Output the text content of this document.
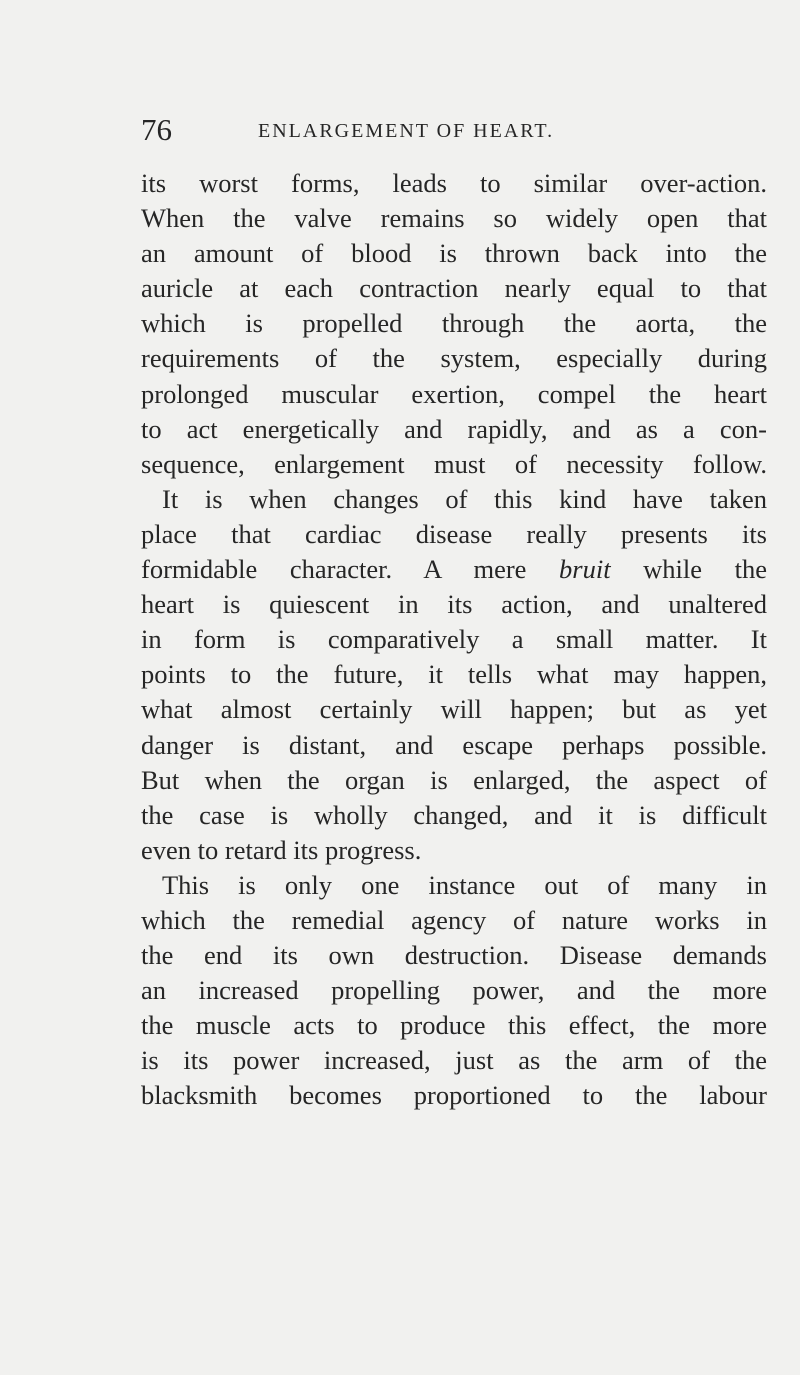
76	ENLARGEMENT OF HEART.
its worst forms, leads to similar over-action.
When the valve remains so widely open that
an amount of blood is thrown back into the
auricle at each contraction nearly equal to that
which is propelled through the aorta, the
requirements of the system, especially during
prolonged muscular exertion, compel the heart
to act energetically and rapidly, and as a con-
sequence, enlargement must of necessity follow.
It is when changes of this kind have taken
place that cardiac disease really presents its
formidable character. A mere bruit while the
heart is quiescent in its action, and unaltered
in form is comparatively a small matter. It
points to the future, it tells what may happen,
what almost certainly will happen; but as yet
danger is distant, and escape perhaps possible.
But when the organ is enlarged, the aspect of
the case is wholly changed, and it is difficult
even to retard its progress.
This is only one instance out of many in
which the remedial agency of nature works in
the end its own destruction. Disease demands
an increased propelling power, and the more
the muscle acts to produce this effect, the more
is its power increased, just as the arm of the
blacksmith becomes proportioned to the labour
